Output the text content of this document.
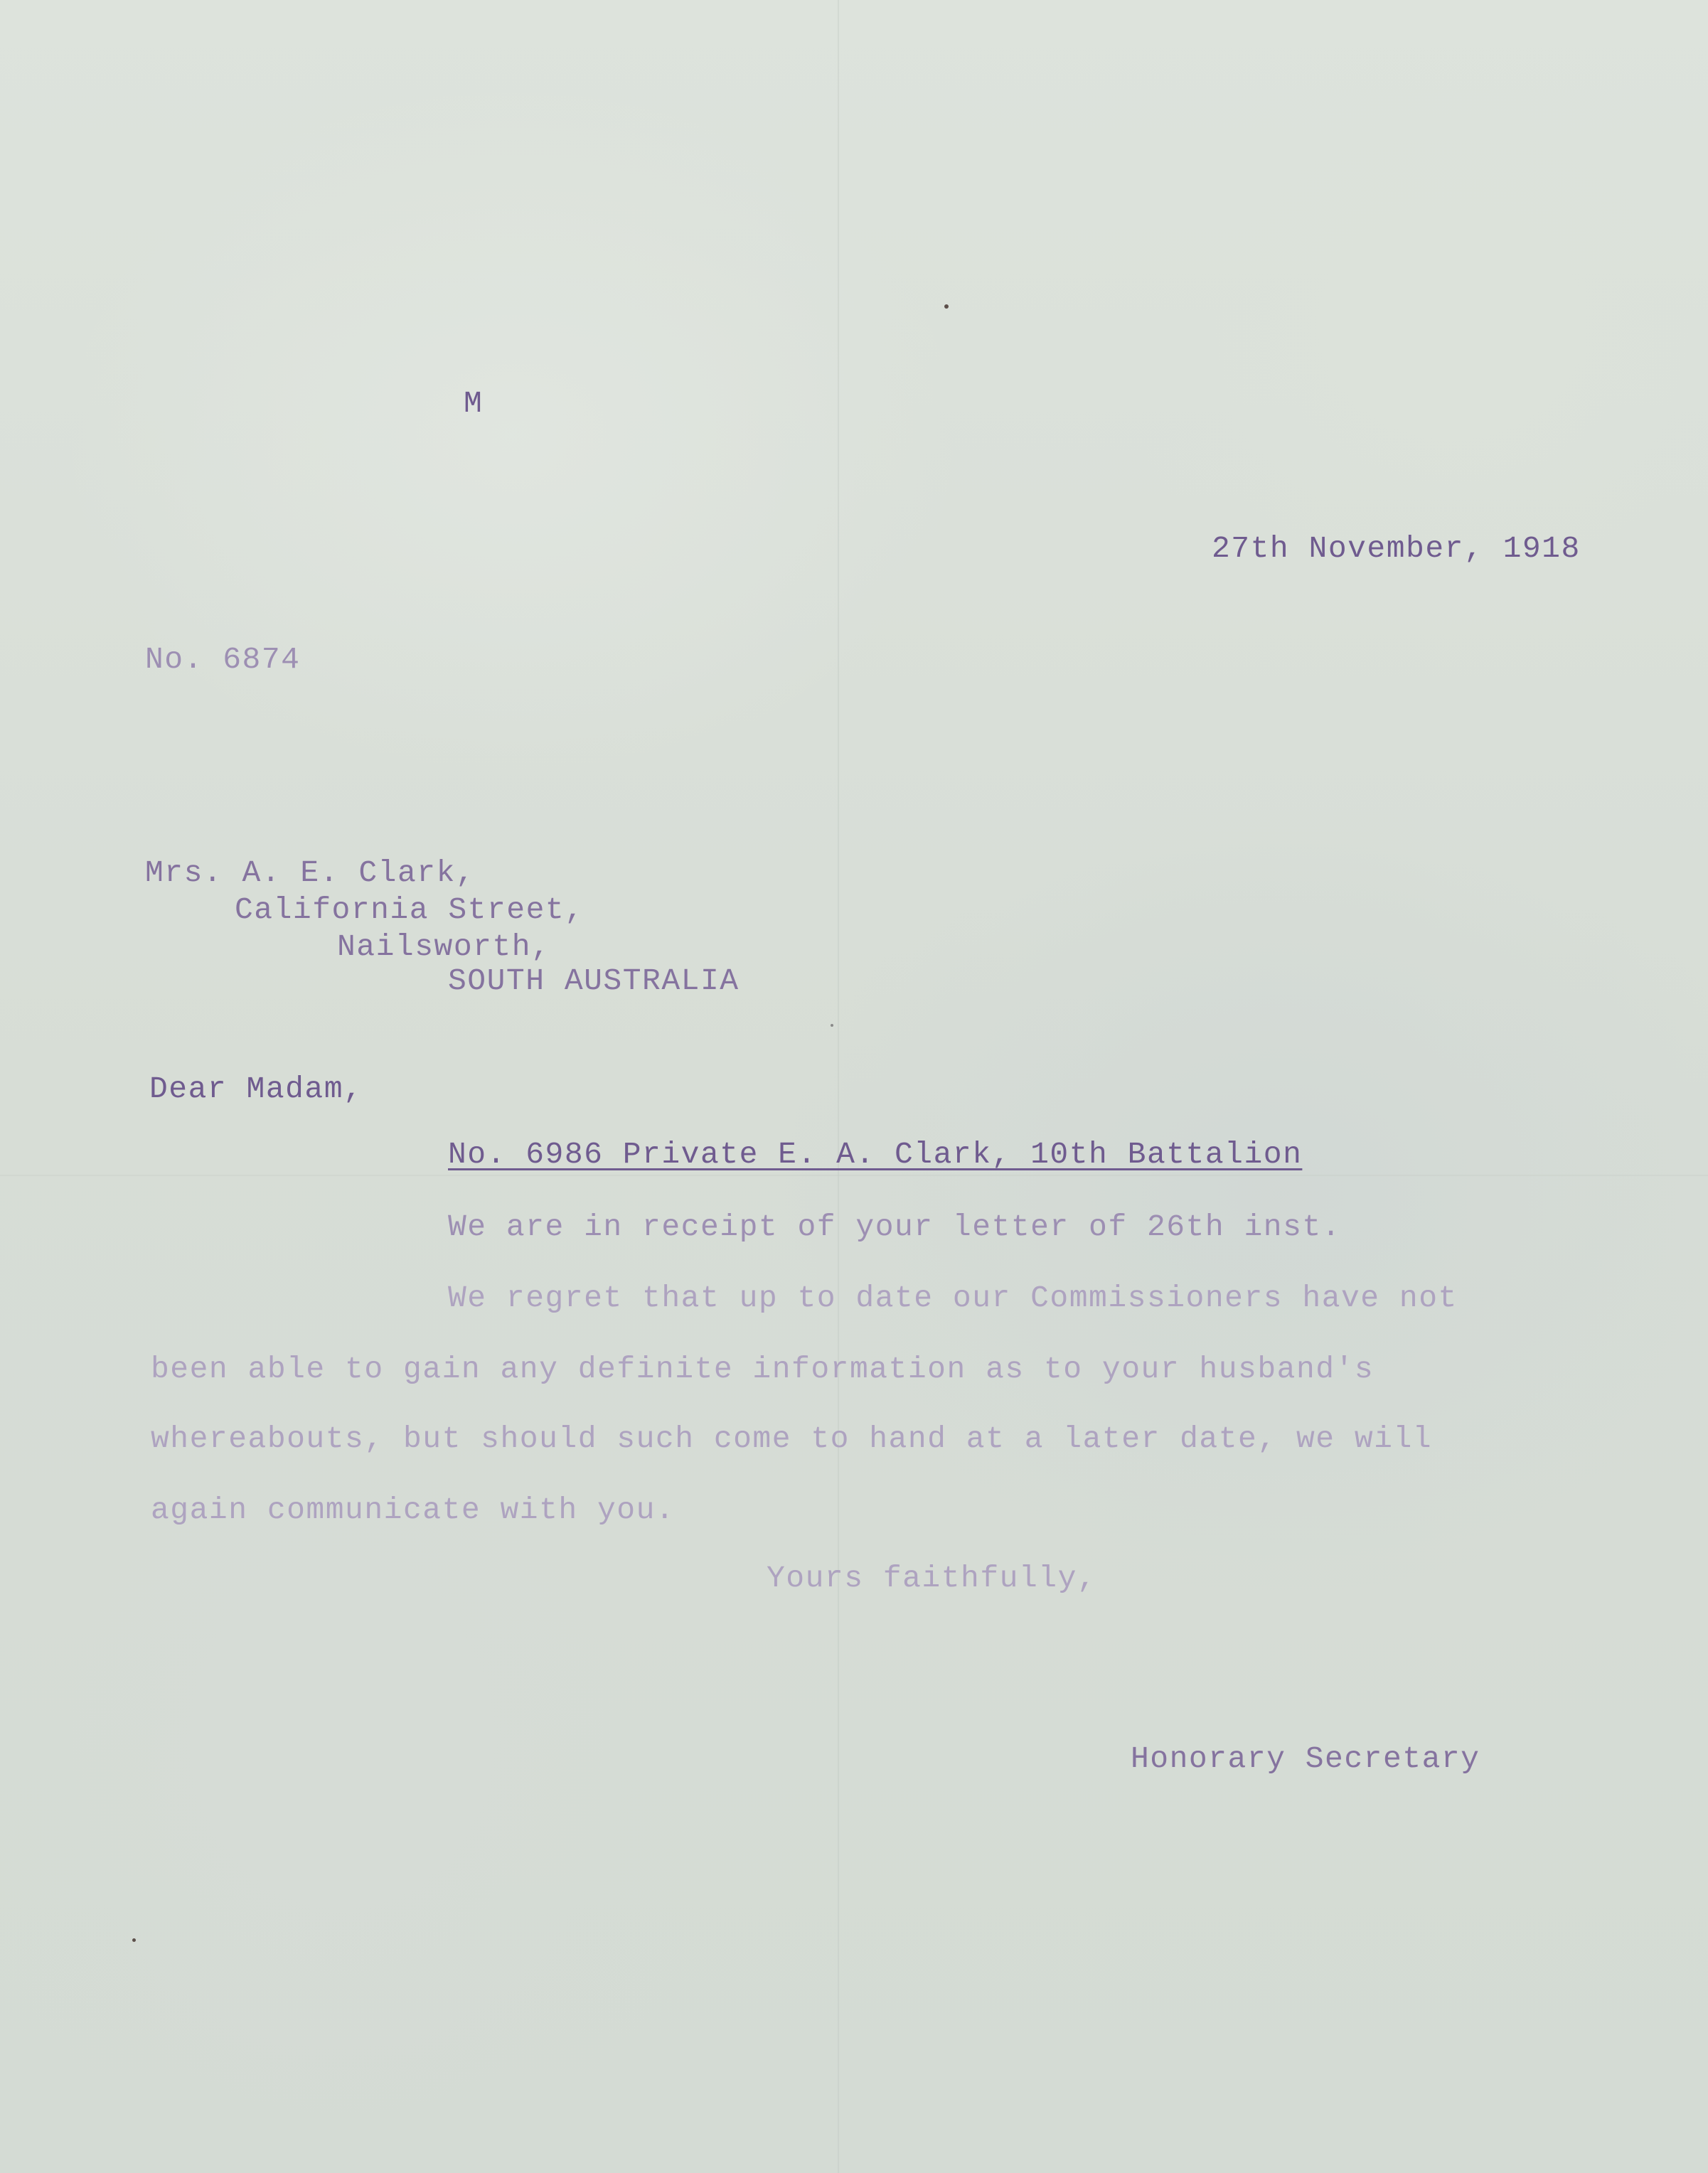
M
27th November, 1918
No. 6874
Mrs. A. E. Clark,
California Street,
Nailsworth,
SOUTH AUSTRALIA
Dear Madam,
No. 6986 Private E. A. Clark, 10th Battalion
We are in receipt of your letter of 26th inst.
We regret that up to date our Commissioners have not
been able to gain any definite information as to your husband's
whereabouts, but should such come to hand at a later date, we will
again communicate with you.
Yours faithfully,
Honorary Secretary
